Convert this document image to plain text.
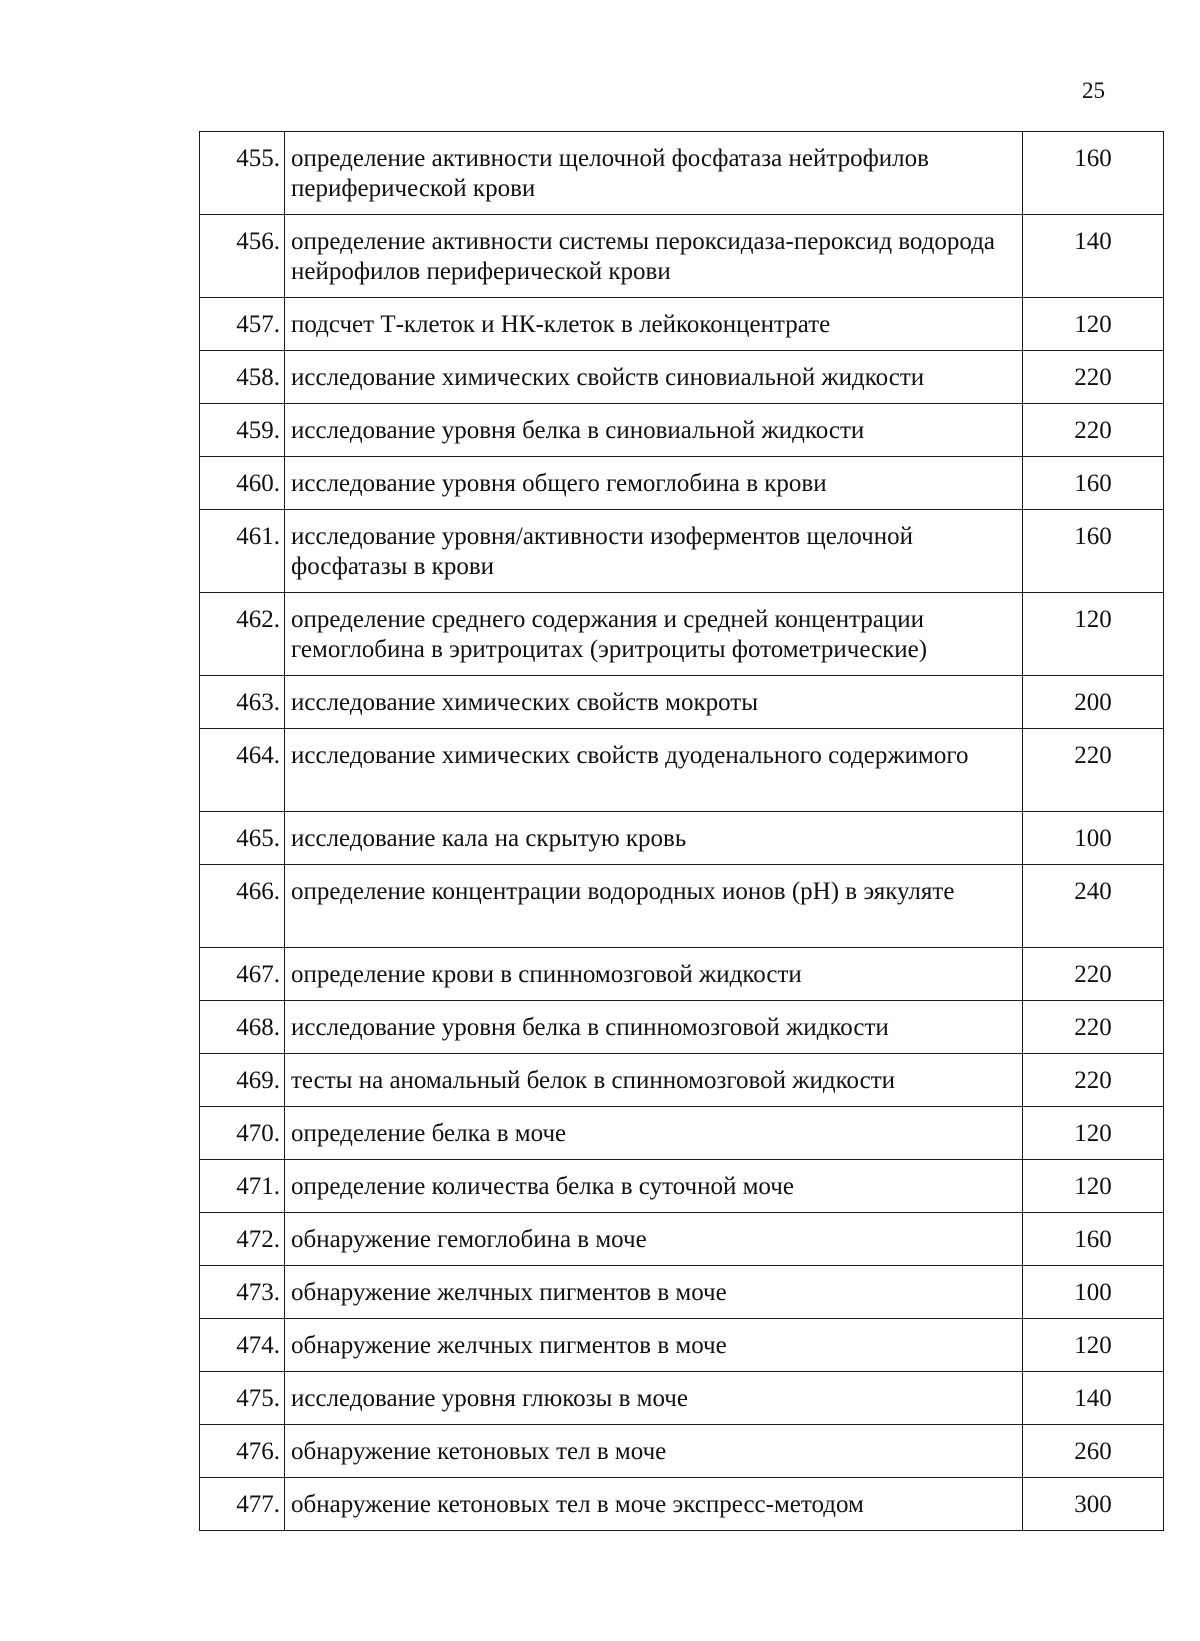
25
455.	определение активности щелочной фосфатаза нейтрофилов периферической крови	160
456.	определение активности системы пероксидаза-пероксид водорода нейрофилов периферической крови	140
457.	подсчет Т-клеток и НК-клеток в лейкоконцентрате	120
458.	исследование химических свойств синовиальной жидкости	220
459.	исследование уровня белка в синовиальной жидкости	220
460.	исследование уровня общего гемоглобина в крови	160
461.	исследование уровня/активности изоферментов щелочной фосфатазы в крови	160
462.	определение среднего содержания и средней концентрации гемоглобина в эритроцитах (эритроциты фотометрические)	120
463.	исследование химических свойств мокроты	200
464.	исследование химических свойств дуоденального содержимого	220
465.	исследование кала на скрытую кровь	100
466.	определение концентрации водородных ионов (pH) в эякуляте	240
467.	определение крови в спинномозговой жидкости	220
468.	исследование уровня белка в спинномозговой жидкости	220
469.	тесты на аномальный белок в спинномозговой жидкости	220
470.	определение белка в моче	120
471.	определение количества белка в суточной моче	120
472.	обнаружение гемоглобина в моче	160
473.	обнаружение желчных пигментов в моче	100
474.	обнаружение желчных пигментов в моче	120
475.	исследование уровня глюкозы в моче	140
476.	обнаружение кетоновых тел в моче	260
477.	обнаружение кетоновых тел в моче экспресс-методом	300
